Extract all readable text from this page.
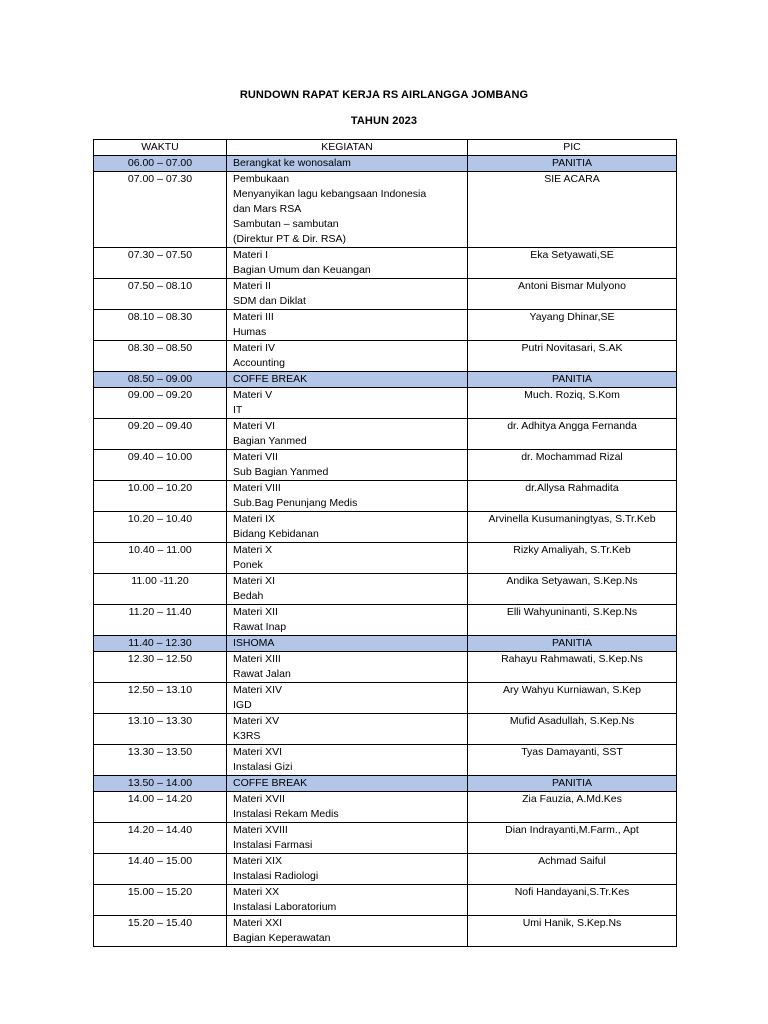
RUNDOWN RAPAT KERJA RS AIRLANGGA JOMBANG
TAHUN 2023
WAKTU	KEGIATAN	PIC
06.00 – 07.00	Berangkat ke wonosalam	PANITIA
07.00 – 07.30	Pembukaan
Menyanyikan lagu kebangsaan Indonesia
dan Mars RSA
Sambutan – sambutan
(Direktur PT & Dir. RSA)	SIE ACARA
07.30 – 07.50	Materi I
Bagian Umum dan Keuangan	Eka Setyawati,SE
07.50 – 08.10	Materi II
SDM dan Diklat	Antoni Bismar Mulyono
08.10 – 08.30	Materi III
Humas	Yayang Dhinar,SE
08.30 – 08.50	Materi IV
Accounting	Putri Novitasari, S.AK
08.50 – 09.00	COFFE BREAK	PANITIA
09.00 – 09.20	Materi V
IT	Much. Roziq, S.Kom
09.20 – 09.40	Materi VI
Bagian Yanmed	dr. Adhitya Angga Fernanda
09.40 – 10.00	Materi VII
Sub Bagian Yanmed	dr. Mochammad Rizal
10.00 – 10.20	Materi VIII
Sub.Bag Penunjang Medis	dr.Allysa Rahmadita
10.20 – 10.40	Materi IX
Bidang Kebidanan	Arvinella Kusumaningtyas, S.Tr.Keb
10.40 – 11.00	Materi X
Ponek	Rizky Amaliyah, S.Tr.Keb
11.00 -11.20	Materi XI
Bedah	Andika Setyawan, S.Kep.Ns
11.20 – 11.40	Materi XII
Rawat Inap	Elli Wahyuninanti, S.Kep.Ns
11.40 – 12.30	ISHOMA	PANITIA
12.30 – 12.50	Materi XIII
Rawat Jalan	Rahayu Rahmawati, S.Kep.Ns
12.50 – 13.10	Materi XIV
IGD	Ary Wahyu Kurniawan, S.Kep
13.10 – 13.30	Materi XV
K3RS	Mufid Asadullah, S.Kep.Ns
13.30 – 13.50	Materi XVI
Instalasi Gizi	Tyas Damayanti, SST
13.50 – 14.00	COFFE BREAK	PANITIA
14.00 – 14.20	Materi XVII
Instalasi Rekam Medis	Zia Fauzia, A.Md.Kes
14.20 – 14.40	Materi XVIII
Instalasi Farmasi	Dian Indrayanti,M.Farm., Apt
14.40 – 15.00	Materi XIX
Instalasi Radiologi	Achmad Saiful
15.00 – 15.20	Materi XX
Instalasi Laboratorium	Nofi Handayani,S.Tr.Kes
15.20 – 15.40	Materi XXI
Bagian Keperawatan	Umi Hanik, S.Kep.Ns
